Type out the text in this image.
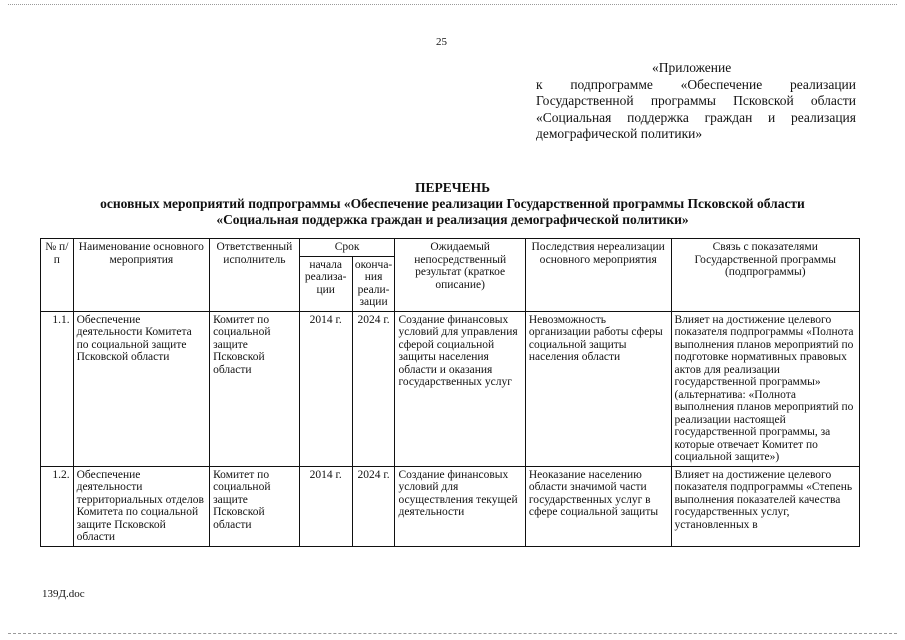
25
«Приложение
к подпрограмме «Обеспечение реализации
Государственной программы Псковской области
«Социальная поддержка граждан и реализация
демографической политики»
ПЕРЕЧЕНЬ
основных мероприятий подпрограммы «Обеспечение реализации Государственной программы Псковской области
«Социальная поддержка граждан и реализация демографической политики»
№ п/п	Наименование основного мероприятия	Ответственный исполнитель	Срок		Ожидаемый непосредственный результат (краткое описание)	Последствия нереализации основного мероприятия	Связь с показателями Государственной программы (подпрограммы)
			начала реализа-ции	оконча-ния реали-зации			
1.1.	Обеспечение деятельности Комитета по социальной защите Псковской области	Комитет по социальной защите Псковской области	2014 г.	2024 г.	Создание финансовых условий для управления сферой социальной защиты населения области и оказания государственных услуг	Невозможность организации работы сферы социальной защиты населения области	Влияет на достижение целевого показателя подпрограммы «Полнота выполнения планов мероприятий по подготовке нормативных правовых актов для реализации государственной программы» (альтернатива: «Полнота выполнения планов мероприятий по реализации настоящей государственной программы, за которые отвечает Комитет по социальной защите»)
1.2.	Обеспечение деятельности территориальных отделов Комитета по социальной защите Псковской области	Комитет по социальной защите Псковской области	2014 г.	2024 г.	Создание финансовых условий для осуществления текущей деятельности	Неоказание населению области значимой части государственных услуг в сфере социальной защиты	Влияет на достижение целевого показателя подпрограммы «Степень выполнения показателей качества государственных услуг, установленных в
139Д.doc
